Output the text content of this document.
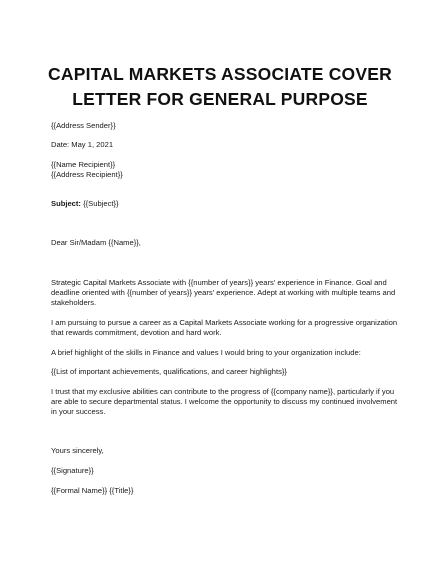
CAPITAL MARKETS ASSOCIATE COVER
LETTER FOR GENERAL PURPOSE
{{Address Sender}}
Date: May 1, 2021
{{Name Recipient}}
{{Address Recipient}}
Subject: {{Subject}}
Dear Sir/Madam {{Name}},
Strategic Capital Markets Associate with {{number of years}} years' experience in Finance. Goal and
deadline oriented with {{number of years}} years' experience. Adept at working with multiple teams and
stakeholders.
I am pursuing to pursue a career as a Capital Markets Associate working for a progressive organization
that rewards commitment, devotion and hard work.
A brief highlight of the skills in Finance and values I would bring to your organization include:
{{List of important achievements, qualifications, and career highlights}}
I trust that my exclusive abilities can contribute to the progress of {{company name}}, particularly if you
are able to secure departmental status. I welcome the opportunity to discuss my continued involvement
in your success.
Yours sincerely,
{{Signature}}
{{Formal Name}} {{Title}}
